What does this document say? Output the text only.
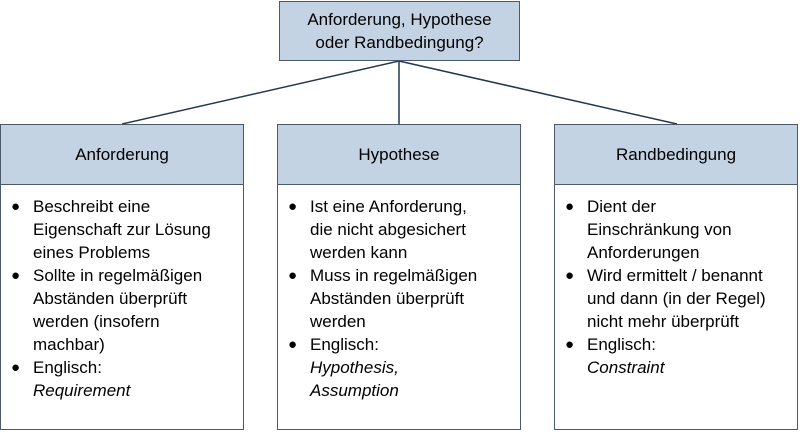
Anforderung, Hypothese
oder Randbedingung?
Anforderung
● Beschreibt eine
Eigenschaft zur Lösung
eines Problems
● Sollte in regelmäßigen
Abständen überprüft
werden (insofern
machbar)
● Englisch:
Requirement
Hypothese
● Ist eine Anforderung,
die nicht abgesichert
werden kann
● Muss in regelmäßigen
Abständen überprüft
werden
● Englisch:
Hypothesis,
Assumption
Randbedingung
● Dient der
Einschränkung von
Anforderungen
● Wird ermittelt / benannt
und dann (in der Regel)
nicht mehr überprüft
● Englisch:
Constraint
